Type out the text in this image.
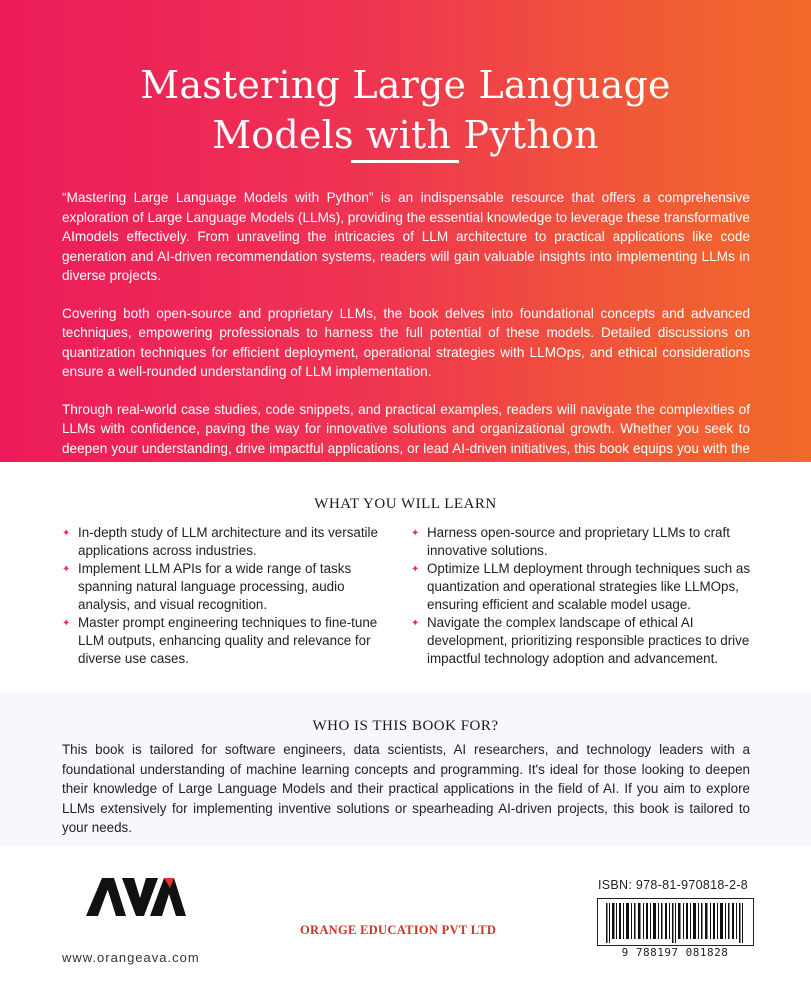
Mastering Large Language
Models with Python

“Mastering Large Language Models with Python” is an indispensable resource that offers a comprehensive exploration of Large Language Models (LLMs), providing the essential knowledge to leverage these transformative AImodels effectively. From unraveling the intricacies of LLM architecture to practical applications like code generation and AI-driven recommendation systems, readers will gain valuable insights into implementing LLMs in diverse projects.

Covering both open-source and proprietary LLMs, the book delves into foundational concepts and advanced techniques, empowering professionals to harness the full potential of these models. Detailed discussions on quantization techniques for efficient deployment, operational strategies with LLMOps, and ethical considerations ensure a well-rounded understanding of LLM implementation.

Through real-world case studies, code snippets, and practical examples, readers will navigate the complexities of LLMs with confidence, paving the way for innovative solutions and organizational growth. Whether you seek to deepen your understanding, drive impactful applications, or lead AI-driven initiatives, this book equips you with the

WHAT YOU WILL LEARN
✦ In-depth study of LLM architecture and its versatile applications across industries.
✦ Implement LLM APIs for a wide range of tasks spanning natural language processing, audio analysis, and visual recognition.
✦ Master prompt engineering techniques to fine-tune LLM outputs, enhancing quality and relevance for diverse use cases.
✦ Harness open-source and proprietary LLMs to craft innovative solutions.
✦ Optimize LLM deployment through techniques such as quantization and operational strategies like LLMOps, ensuring efficient and scalable model usage.
✦ Navigate the complex landscape of ethical AI development, prioritizing responsible practices to drive impactful technology adoption and advancement.
WHO IS THIS BOOK FOR?

This book is tailored for software engineers, data scientists, AI researchers, and technology leaders with a foundational understanding of machine learning concepts and programming. It's ideal for those looking to deepen their knowledge of Large Language Models and their practical applications in the field of AI. If you aim to explore LLMs extensively for implementing inventive solutions or spearheading AI-driven projects, this book is tailored to your needs.

www.orangeava.com
ORANGE EDUCATION PVT LTD
ISBN: 978-81-970818-2-8
9 788197 081828
